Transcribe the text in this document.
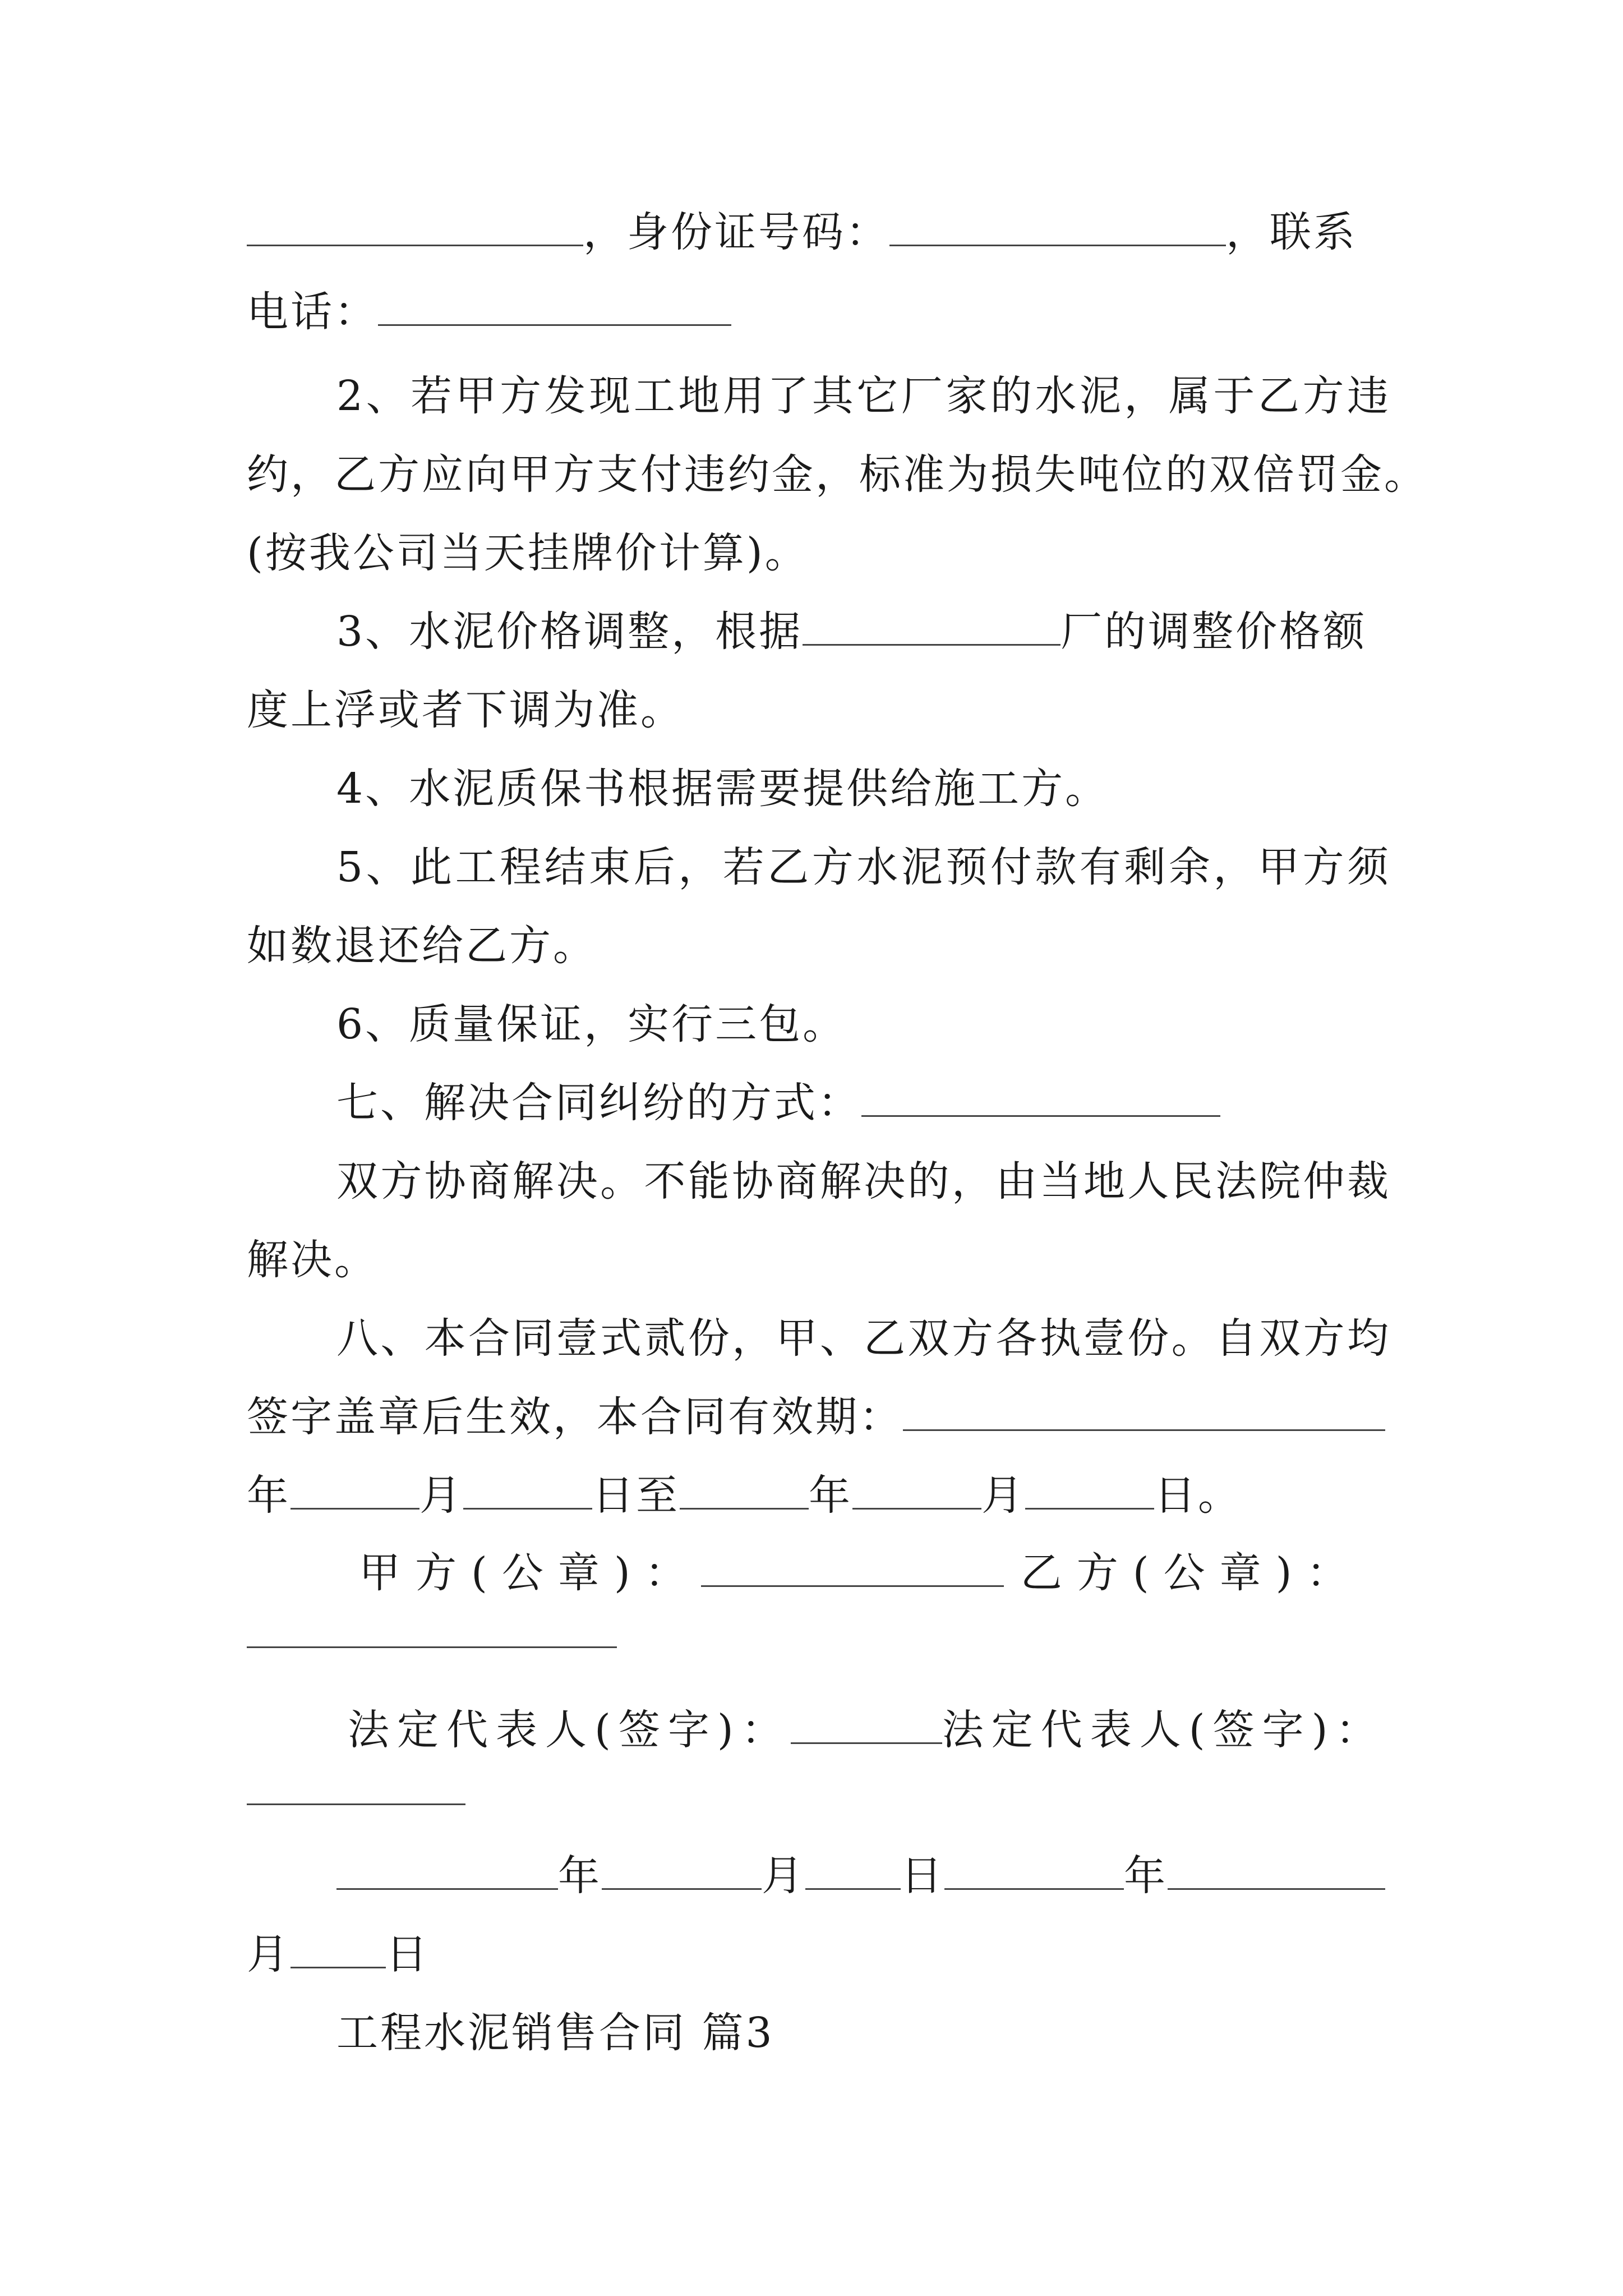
，身份证号码：	，联系
电话：
2、若甲方发现工地用了其它厂家的水泥，属于乙方违
约，乙方应向甲方支付违约金，标准为损失吨位的双倍罚金。
(按我公司当天挂牌价计算)。
3、水泥价格调整，根据	厂的调整价格额
度上浮或者下调为准。
4、水泥质保书根据需要提供给施工方。
5、此工程结束后，若乙方水泥预付款有剩余，甲方须
如数退还给乙方。
6、质量保证，实行三包。
七、解决合同纠纷的方式：
双方协商解决。不能协商解决的，由当地人民法院仲裁
解决。
八、本合同壹式贰份，甲、乙双方各执壹份。自双方均
签字盖章后生效，本合同有效期：
年	月	日至	年	月	日。
甲方(公章)：	乙方(公章)：
法定代表人(签字)：	法定代表人(签字)：
年	月 日	年
月 日
工程水泥销售合同 篇3
